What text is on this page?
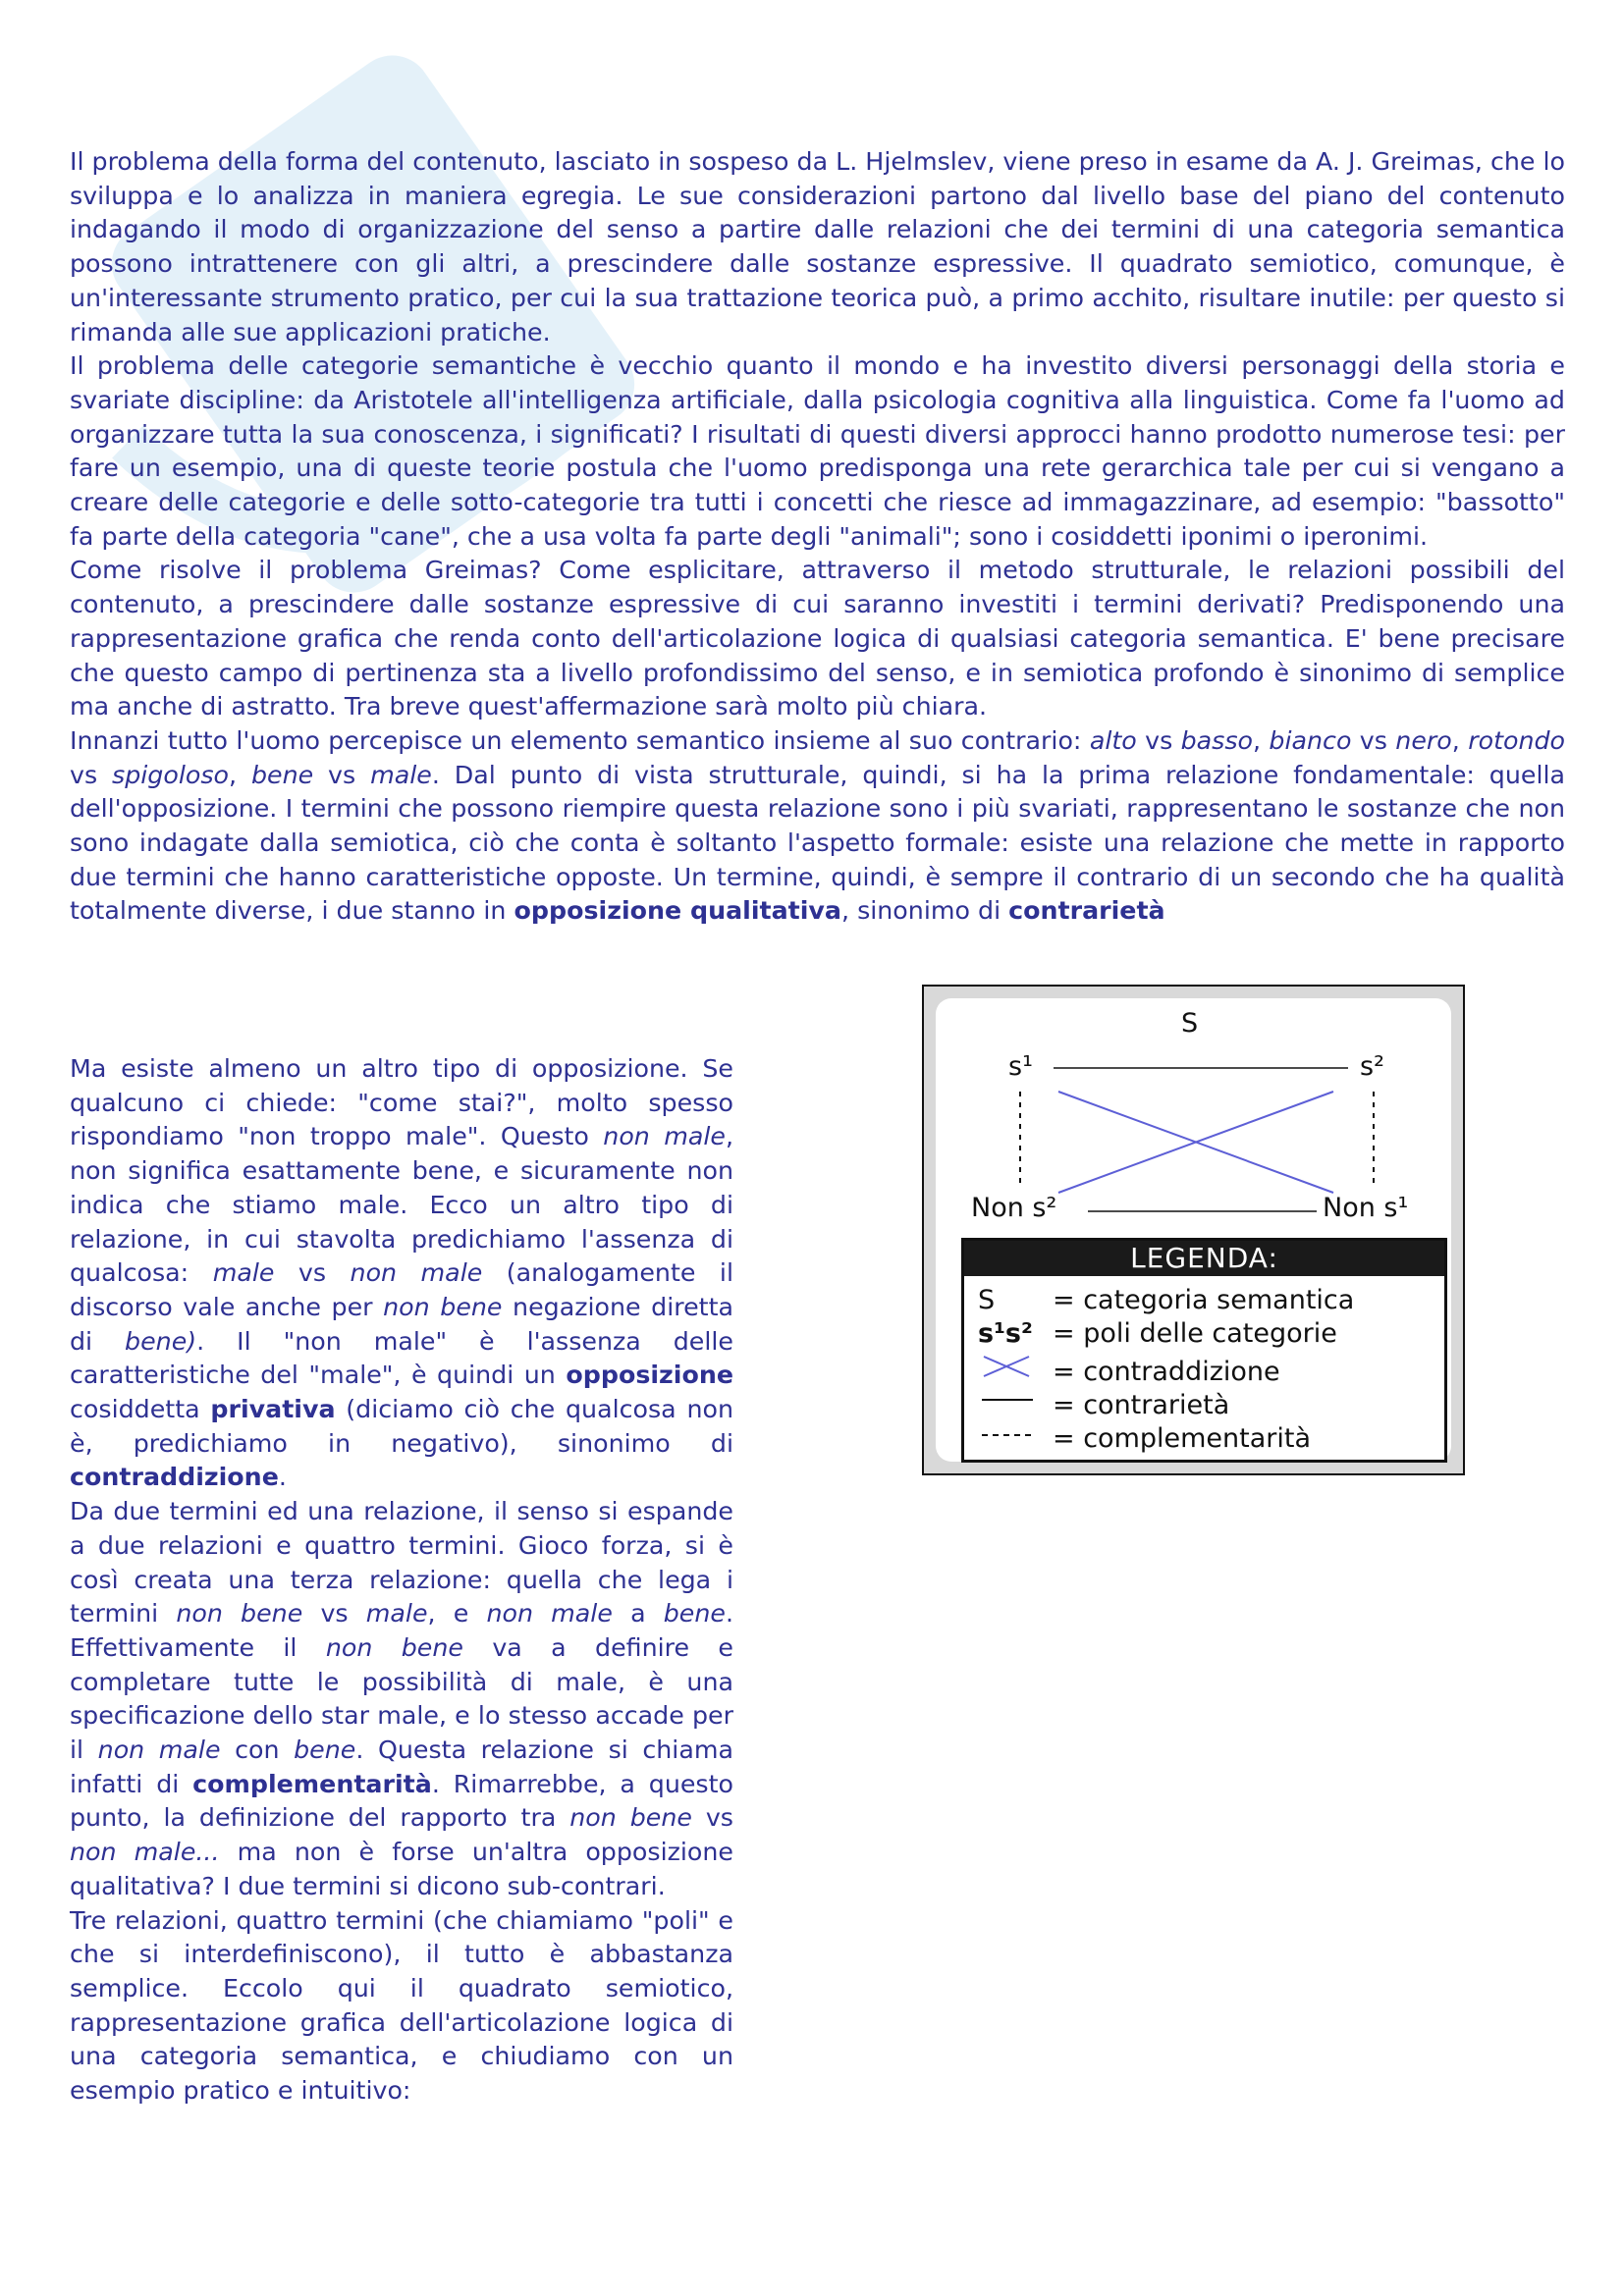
Il problema della forma del contenuto, lasciato in sospeso da L. Hjelmslev, viene preso in esame da A. J. Greimas, che lo sviluppa e lo analizza in maniera egregia. Le sue considerazioni partono dal livello base del piano del contenuto indagando il modo di organizzazione del senso a partire dalle relazioni che dei termini di una categoria semantica possono intrattenere con gli altri, a prescindere dalle sostanze espressive. Il quadrato semiotico, comunque, è un'interessante strumento pratico, per cui la sua trattazione teorica può, a primo acchito, risultare inutile: per questo si rimanda alle sue applicazioni pratiche.

Il problema delle categorie semantiche è vecchio quanto il mondo e ha investito diversi personaggi della storia e svariate discipline: da Aristotele all'intelligenza artificiale, dalla psicologia cognitiva alla linguistica. Come fa l'uomo ad organizzare tutta la sua conoscenza, i significati? I risultati di questi diversi approcci hanno prodotto numerose tesi: per fare un esempio, una di queste teorie postula che l'uomo predisponga una rete gerarchica tale per cui si vengano a creare delle categorie e delle sotto-categorie tra tutti i concetti che riesce ad immagazzinare, ad esempio: "bassotto" fa parte della categoria "cane", che a usa volta fa parte degli "animali"; sono i cosiddetti iponimi o iperonimi.

Come risolve il problema Greimas? Come esplicitare, attraverso il metodo strutturale, le relazioni possibili del contenuto, a prescindere dalle sostanze espressive di cui saranno investiti i termini derivati? Predisponendo una rappresentazione grafica che renda conto dell'articolazione logica di qualsiasi categoria semantica. E' bene precisare che questo campo di pertinenza sta a livello profondissimo del senso, e in semiotica profondo è sinonimo di semplice ma anche di astratto. Tra breve quest'affermazione sarà molto più chiara.

Innanzi tutto l'uomo percepisce un elemento semantico insieme al suo contrario: alto vs basso, bianco vs nero, rotondo vs spigoloso, bene vs male. Dal punto di vista strutturale, quindi, si ha la prima relazione fondamentale: quella dell'opposizione. I termini che possono riempire questa relazione sono i più svariati, rappresentano le sostanze che non sono indagate dalla semiotica, ciò che conta è soltanto l'aspetto formale: esiste una relazione che mette in rapporto due termini che hanno caratteristiche opposte. Un termine, quindi, è sempre il contrario di un secondo che ha qualità totalmente diverse, i due stanno in opposizione qualitativa, sinonimo di contrarietà

Ma esiste almeno un altro tipo di opposizione. Se qualcuno ci chiede: "come stai?", molto spesso rispondiamo "non troppo male". Questo non male, non significa esattamente bene, e sicuramente non indica che stiamo male. Ecco un altro tipo di relazione, in cui stavolta predichiamo l'assenza di qualcosa: male vs non male (analogamente il discorso vale anche per non bene negazione diretta di bene). Il "non male" è l'assenza delle caratteristiche del "male", è quindi un opposizione cosiddetta privativa (diciamo ciò che qualcosa non è, predichiamo in negativo), sinonimo di contraddizione.

Da due termini ed una relazione, il senso si espande a due relazioni e quattro termini. Gioco forza, si è così creata una terza relazione: quella che lega i termini non bene vs male, e non male a bene. Effettivamente il non bene va a definire e completare tutte le possibilità di male, è una specificazione dello star male, e lo stesso accade per il non male con bene. Questa relazione si chiama infatti di complementarità. Rimarrebbe, a questo punto, la definizione del rapporto tra non bene vs non male... ma non è forse un'altra opposizione qualitativa? I due termini si dicono sub-contrari.

Tre relazioni, quattro termini (che chiamiamo "poli" e che si interdefiniscono), il tutto è abbastanza semplice. Eccolo qui il quadrato semiotico, rappresentazione grafica dell'articolazione logica di una categoria semantica, e chiudiamo con un esempio pratico e intuitivo:

S
s¹	s²
Non s²	Non s¹
LEGENDA:
S = categoria semantica
s¹s² = poli delle categorie
= contraddizione
= contrarietà
= complementarità
